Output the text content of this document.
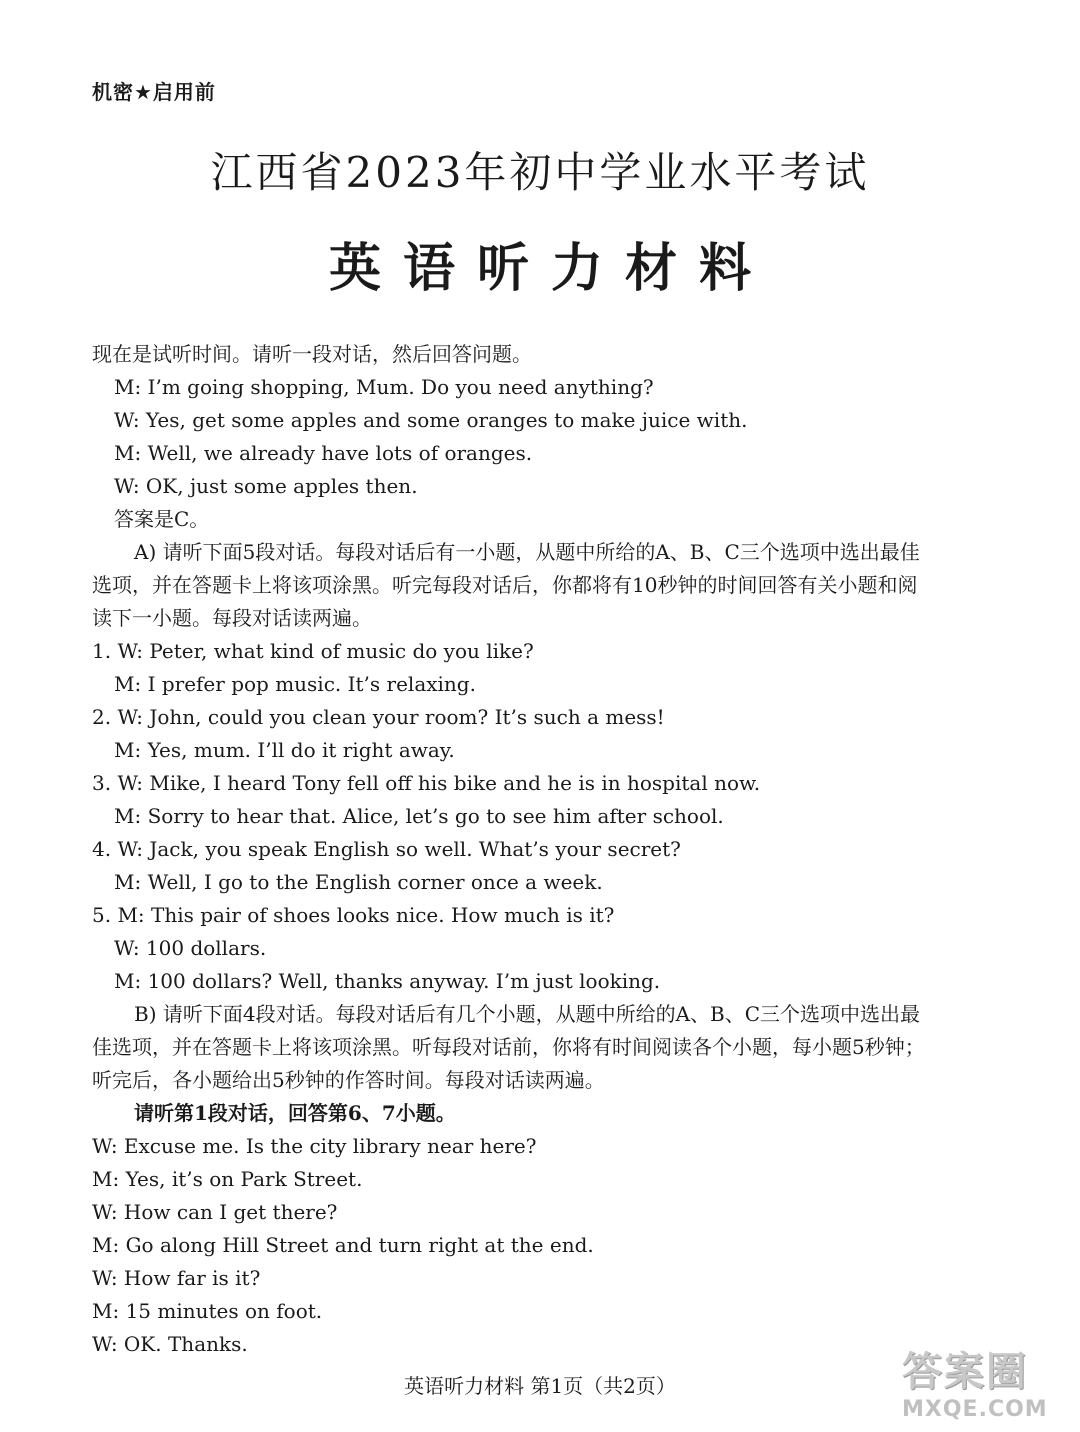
机密★启用前
江西省2023年初中学业水平考试
英语听力材料
现在是试听时间。请听一段对话，然后回答问题。
M: I’m going shopping, Mum. Do you need anything?
W: Yes, get some apples and some oranges to make juice with.
M: Well, we already have lots of oranges.
W: OK, just some apples then.
答案是C。
A) 请听下面5段对话。每段对话后有一小题，从题中所给的A、B、C三个选项中选出最佳
选项，并在答题卡上将该项涂黑。听完每段对话后，你都将有10秒钟的时间回答有关小题和阅
读下一小题。每段对话读两遍。
1. W: Peter, what kind of music do you like?
M: I prefer pop music. It’s relaxing.
2. W: John, could you clean your room? It’s such a mess!
M: Yes, mum. I’ll do it right away.
3. W: Mike, I heard Tony fell off his bike and he is in hospital now.
M: Sorry to hear that. Alice, let’s go to see him after school.
4. W: Jack, you speak English so well. What’s your secret?
M: Well, I go to the English corner once a week.
5. M: This pair of shoes looks nice. How much is it?
W: 100 dollars.
M: 100 dollars? Well, thanks anyway. I’m just looking.
B) 请听下面4段对话。每段对话后有几个小题，从题中所给的A、B、C三个选项中选出最
佳选项，并在答题卡上将该项涂黑。听每段对话前，你将有时间阅读各个小题，每小题5秒钟；
听完后，各小题给出5秒钟的作答时间。每段对话读两遍。
请听第1段对话，回答第6、7小题。
W: Excuse me. Is the city library near here?
M: Yes, it’s on Park Street.
W: How can I get there?
M: Go along Hill Street and turn right at the end.
W: How far is it?
M: 15 minutes on foot.
W: OK. Thanks.
英语听力材料 第1页（共2页）	答案圈
MXQE.COM
